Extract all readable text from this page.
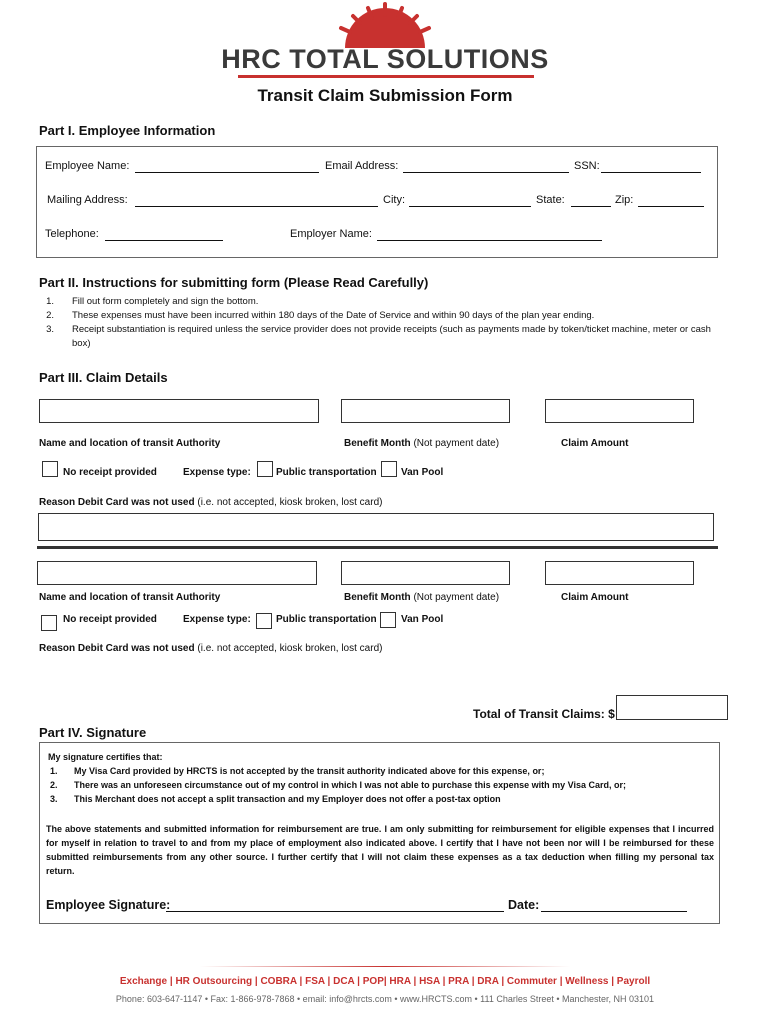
HRC TOTAL SOLUTIONS
Transit Claim Submission Form
Part I. Employee Information
Employee Name:	Email Address:	SSN:
Mailing Address:	City:	State:	Zip:
Telephone:	Employer Name:
Part II. Instructions for submitting form (Please Read Carefully)
1. Fill out form completely and sign the bottom.
2. These expenses must have been incurred within 180 days of the Date of Service and within 90 days of the plan year ending.
3. Receipt substantiation is required unless the service provider does not provide receipts (such as payments made by token/ticket machine, meter or cash box)
Part III. Claim Details
Name and location of transit Authority	Benefit Month (Not payment date)	Claim Amount
No receipt provided	Expense type:	Public transportation Van Pool
Reason Debit Card was not used (i.e. not accepted, kiosk broken, lost card)
Name and location of transit Authority	Benefit Month (Not payment date)	Claim Amount
No receipt provided	Expense type:	Public transportation Van Pool
Reason Debit Card was not used (i.e. not accepted, kiosk broken, lost card)
Total of Transit Claims: $
Part IV. Signature
My signature certifies that:
1. My Visa Card provided by HRCTS is not accepted by the transit authority indicated above for this expense, or;
2. There was an unforeseen circumstance out of my control in which I was not able to purchase this expense with my Visa Card, or;
3. This Merchant does not accept a split transaction and my Employer does not offer a post-tax option
The above statements and submitted information for reimbursement are true. I am only submitting for reimbursement for eligible expenses that I incurred for myself in relation to travel to and from my place of employment also indicated above. I certify that I have not been nor will I be reimbursed for these submitted reimbursements from any other source. I further certify that I will not claim these expenses as a tax deduction when filling my personal tax return.
Employee Signature:	Date:
Exchange | HR Outsourcing | COBRA | FSA | DCA | POP| HRA | HSA | PRA | DRA | Commuter | Wellness | Payroll
Phone: 603-647-1147 • Fax: 1-866-978-7868 • email: info@hrcts.com • www.HRCTS.com • 111 Charles Street • Manchester, NH 03101
